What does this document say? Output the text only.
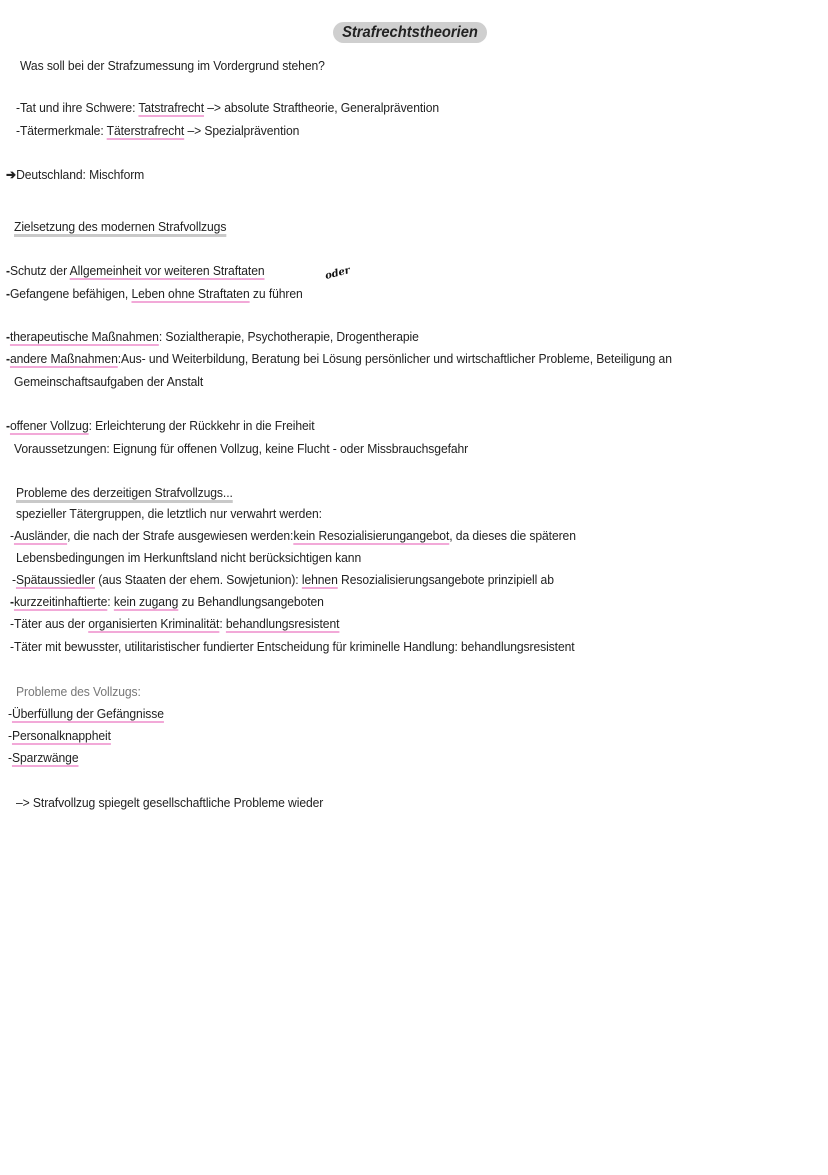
Strafrechtstheorien
Was soll bei der Strafzumessung im Vordergrund stehen?
-Tat und ihre Schwere: Tatstrafrecht –> absolute Straftheorie, Generalprävention
-Tätermerkmale: Täterstrafrecht –> Spezialprävention
➔Deutschland: Mischform
Zielsetzung des modernen Strafvollzugs
-Schutz der Allgemeinheit vor weiteren Straftaten	oder
-Gefangene befähigen, Leben ohne Straftaten zu führen
-therapeutische Maßnahmen: Sozialtherapie, Psychotherapie, Drogentherapie
-andere Maßnahmen:Aus- und Weiterbildung, Beratung bei Lösung persönlicher und wirtschaftlicher Probleme, Beteiligung an
Gemeinschaftsaufgaben der Anstalt
-offener Vollzug: Erleichterung der Rückkehr in die Freiheit
Voraussetzungen: Eignung für offenen Vollzug, keine Flucht - oder Missbrauchsgefahr
Probleme des derzeitigen Strafvollzugs...
spezieller Tätergruppen, die letztlich nur verwahrt werden:
-Ausländer, die nach der Strafe ausgewiesen werden:kein Resozialisierungangebot, da dieses die späteren
Lebensbedingungen im Herkunftsland nicht berücksichtigen kann
-Spätaussiedler (aus Staaten der ehem. Sowjetunion): lehnen Resozialisierungsangebote prinzipiell ab
-kurzzeitinhaftierte: kein zugang zu Behandlungsangeboten
-Täter aus der organisierten Kriminalität: behandlungsresistent
-Täter mit bewusster, utilitaristischer fundierter Entscheidung für kriminelle Handlung: behandlungsresistent
Probleme des Vollzugs:
-Überfüllung der Gefängnisse
-Personalknappheit
-Sparzwänge
–> Strafvollzug spiegelt gesellschaftliche Probleme wieder
